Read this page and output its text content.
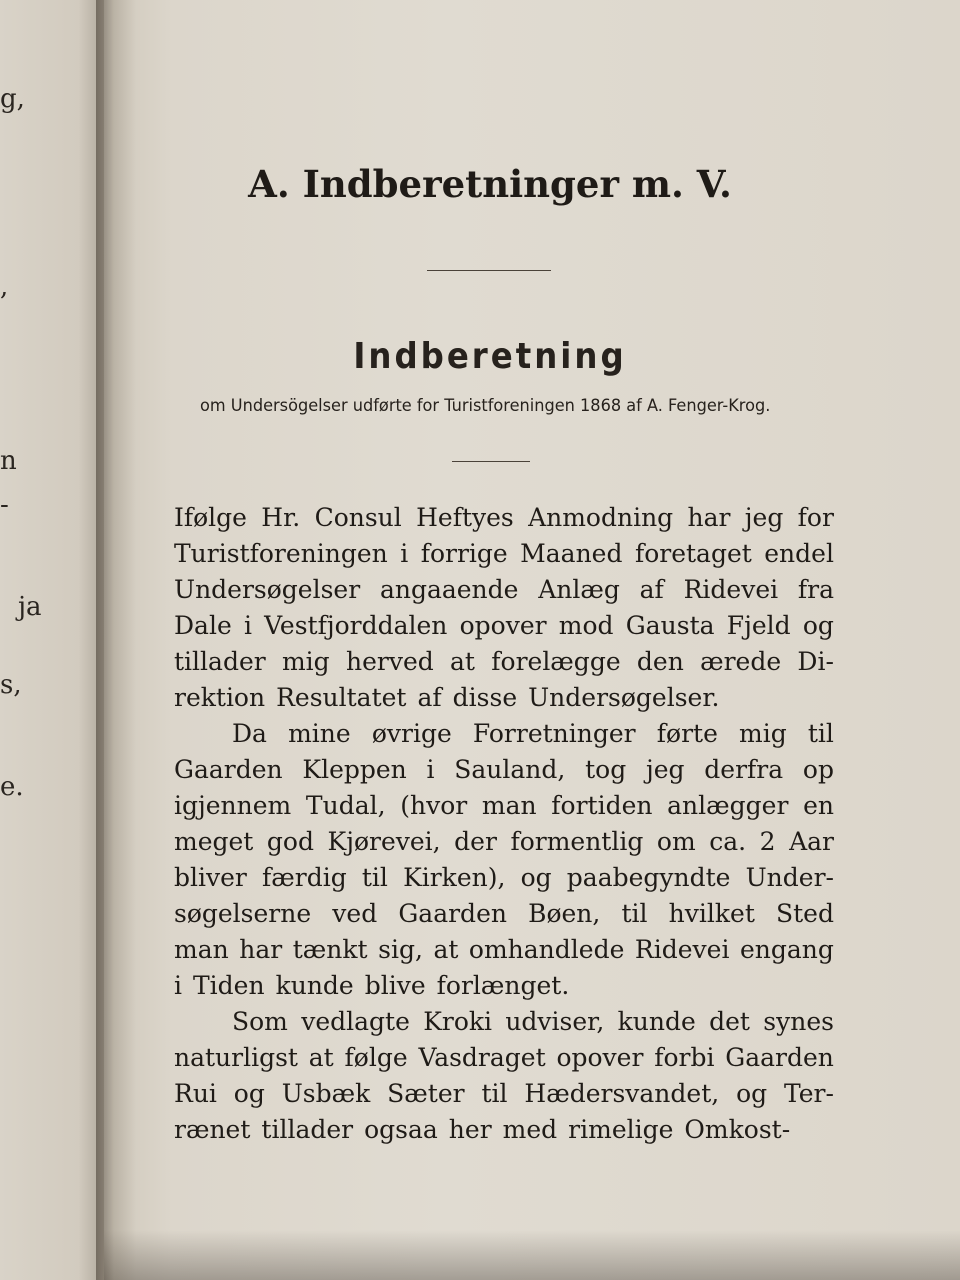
g,
,
n
-
ja
s,
e.
A. Indberetninger m. V.
Indberetning
om Undersögelser udførte for Turistforeningen 1868 af A. Fenger-Krog.
Ifølge Hr. Consul Heftyes Anmodning har jeg for
Turistforeningen i forrige Maaned foretaget endel
Undersøgelser angaaende Anlæg af Ridevei fra
Dale i Vestfjorddalen opover mod Gausta Fjeld og
tillader mig herved at forelægge den ærede Di-
rektion Resultatet af disse Undersøgelser.
Da mine øvrige Forretninger førte mig til
Gaarden Kleppen i Sauland, tog jeg derfra op
igjennem Tudal, (hvor man fortiden anlægger en
meget god Kjørevei, der formentlig om ca. 2 Aar
bliver færdig til Kirken), og paabegyndte Under-
søgelserne ved Gaarden Bøen, til hvilket Sted
man har tænkt sig, at omhandlede Ridevei engang
i Tiden kunde blive forlænget.
Som vedlagte Kroki udviser, kunde det synes
naturligst at følge Vasdraget opover forbi Gaarden
Rui og Usbæk Sæter til Hædersvandet, og Ter-
rænet tillader ogsaa her med rimelige Omkost-
